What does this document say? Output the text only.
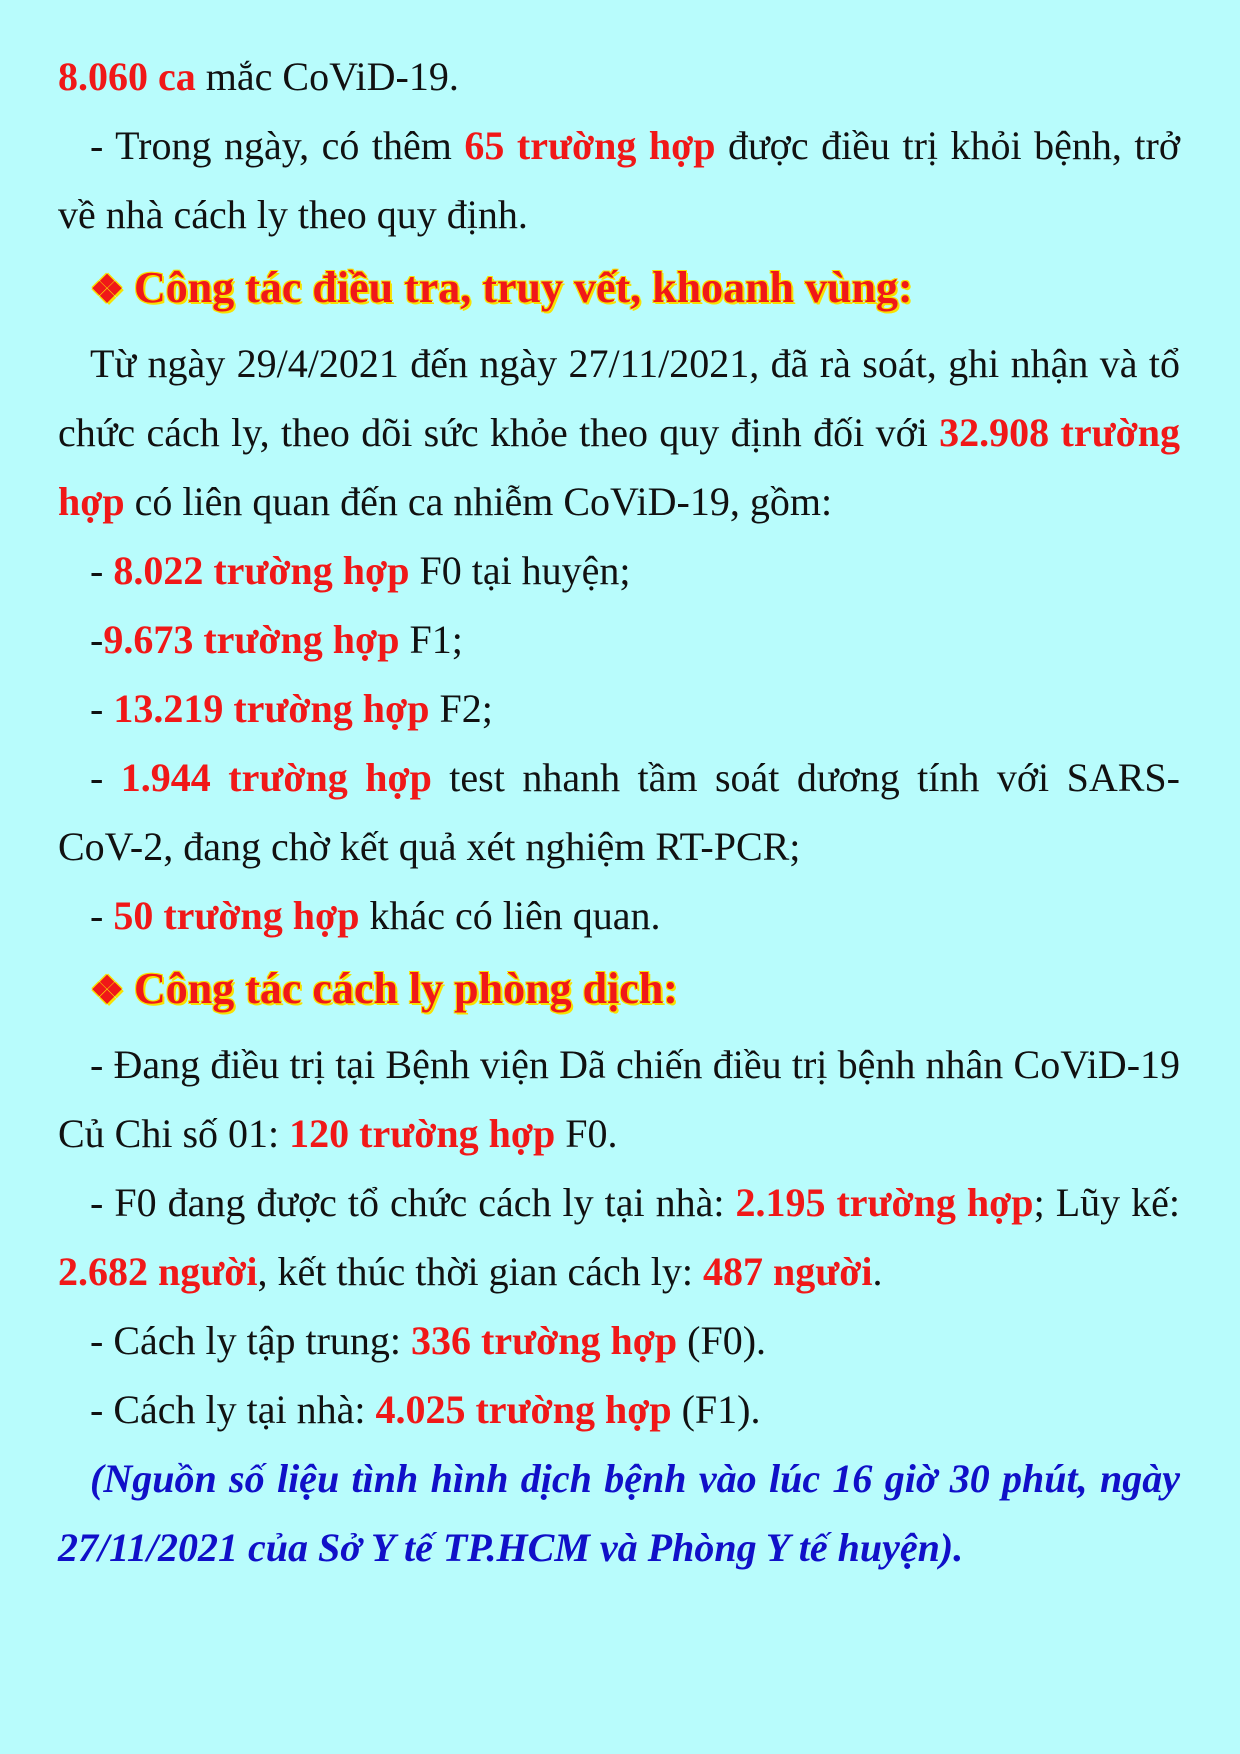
8.060 ca mắc CoViD-19.

- Trong ngày, có thêm 65 trường hợp được điều trị khỏi bệnh, trở về nhà cách ly theo quy định.

❖ Công tác điều tra, truy vết, khoanh vùng:

Từ ngày 29/4/2021 đến ngày 27/11/2021, đã rà soát, ghi nhận và tổ chức cách ly, theo dõi sức khỏe theo quy định đối với 32.908 trường hợp có liên quan đến ca nhiễm CoViD-19, gồm:

- 8.022 trường hợp F0 tại huyện;

-9.673 trường hợp F1;

- 13.219 trường hợp F2;

- 1.944 trường hợp test nhanh tầm soát dương tính với SARS-CoV-2, đang chờ kết quả xét nghiệm RT-PCR;

- 50 trường hợp khác có liên quan.

❖ Công tác cách ly phòng dịch:

- Đang điều trị tại Bệnh viện Dã chiến điều trị bệnh nhân CoViD-19 Củ Chi số 01: 120 trường hợp F0.

- F0 đang được tổ chức cách ly tại nhà: 2.195 trường hợp; Lũy kế: 2.682 người, kết thúc thời gian cách ly: 487 người.

- Cách ly tập trung: 336 trường hợp (F0).

- Cách ly tại nhà: 4.025 trường hợp (F1).

(Nguồn số liệu tình hình dịch bệnh vào lúc 16 giờ 30 phút, ngày 27/11/2021 của Sở Y tế TP.HCM và Phòng Y tế huyện).
